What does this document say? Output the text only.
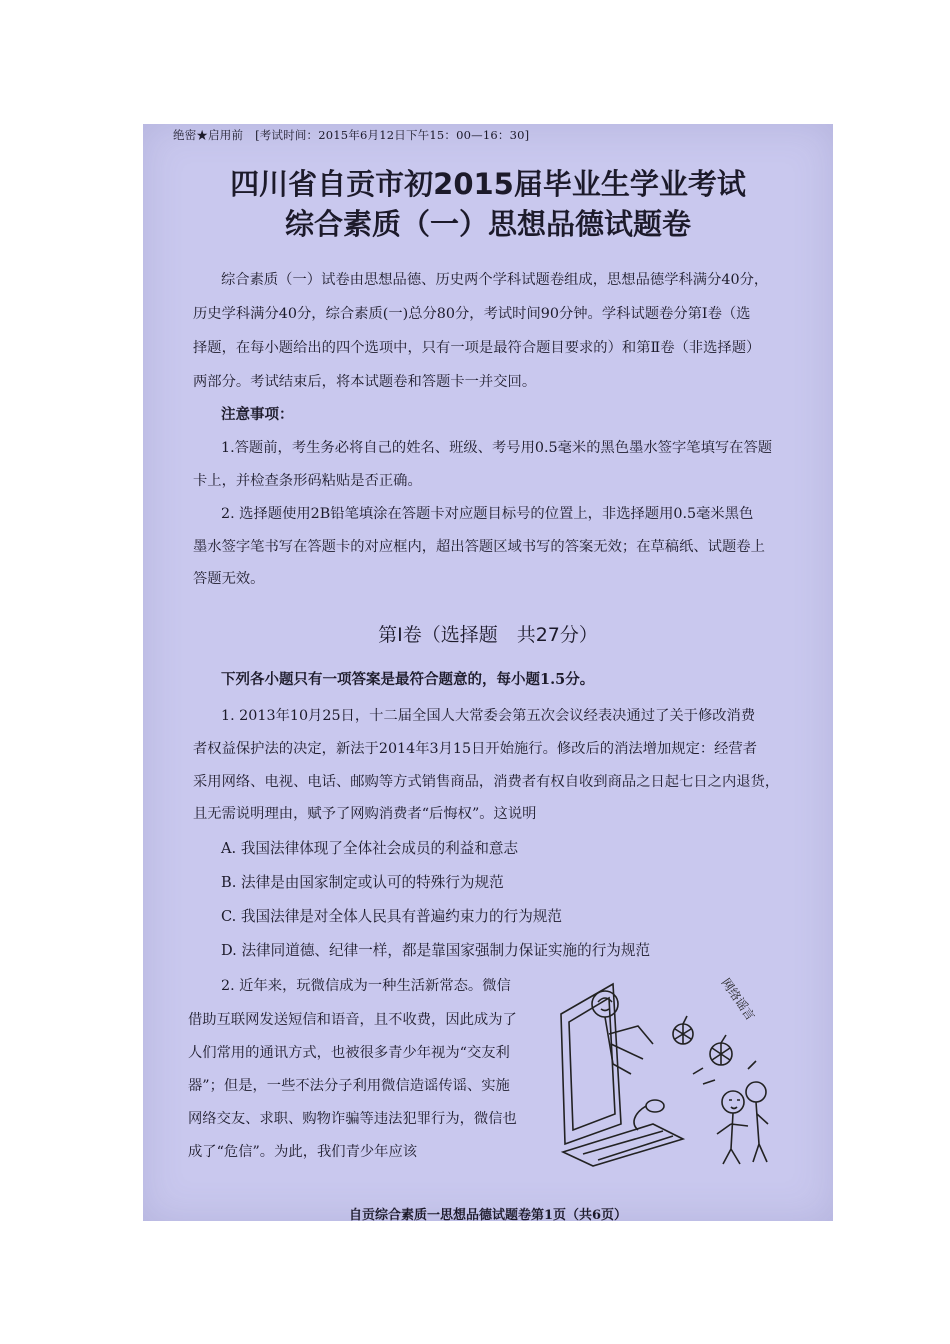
绝密★启用前 [考试时间：2015年6月12日下午15：00—16：30]
四川省自贡市初2015届毕业生学业考试
综合素质（一）思想品德试题卷
综合素质（一）试卷由思想品德、历史两个学科试题卷组成，思想品德学科满分40分，
历史学科满分40分，综合素质(一)总分80分，考试时间90分钟。学科试题卷分第Ⅰ卷（选
择题，在每小题给出的四个选项中，只有一项是最符合题目要求的）和第Ⅱ卷（非选择题）
两部分。考试结束后，将本试题卷和答题卡一并交回。
注意事项：
1.答题前，考生务必将自己的姓名、班级、考号用0.5毫米的黑色墨水签字笔填写在答题
卡上，并检查条形码粘贴是否正确。
2. 选择题使用2B铅笔填涂在答题卡对应题目标号的位置上，非选择题用0.5毫米黑色
墨水签字笔书写在答题卡的对应框内，超出答题区域书写的答案无效；在草稿纸、试题卷上
答题无效。
第Ⅰ卷（选择题　共27分）
下列各小题只有一项答案是最符合题意的，每小题1.5分。
1. 2013年10月25日，十二届全国人大常委会第五次会议经表决通过了关于修改消费
者权益保护法的决定，新法于2014年3月15日开始施行。修改后的消法增加规定：经营者
采用网络、电视、电话、邮购等方式销售商品，消费者有权自收到商品之日起七日之内退货，
且无需说明理由，赋予了网购消费者“后悔权”。这说明
A. 我国法律体现了全体社会成员的利益和意志
B. 法律是由国家制定或认可的特殊行为规范
C. 我国法律是对全体人民具有普遍约束力的行为规范
D. 法律同道德、纪律一样，都是靠国家强制力保证实施的行为规范
2. 近年来，玩微信成为一种生活新常态。微信
借助互联网发送短信和语音，且不收费，因此成为了
人们常用的通讯方式，也被很多青少年视为“交友利
器”；但是，一些不法分子利用微信造谣传谣、实施
网络交友、求职、购物诈骗等违法犯罪行为，微信也
成了“危信”。为此，我们青少年应该
网络谣言
自贡综合素质一思想品德试题卷第1页（共6页）
